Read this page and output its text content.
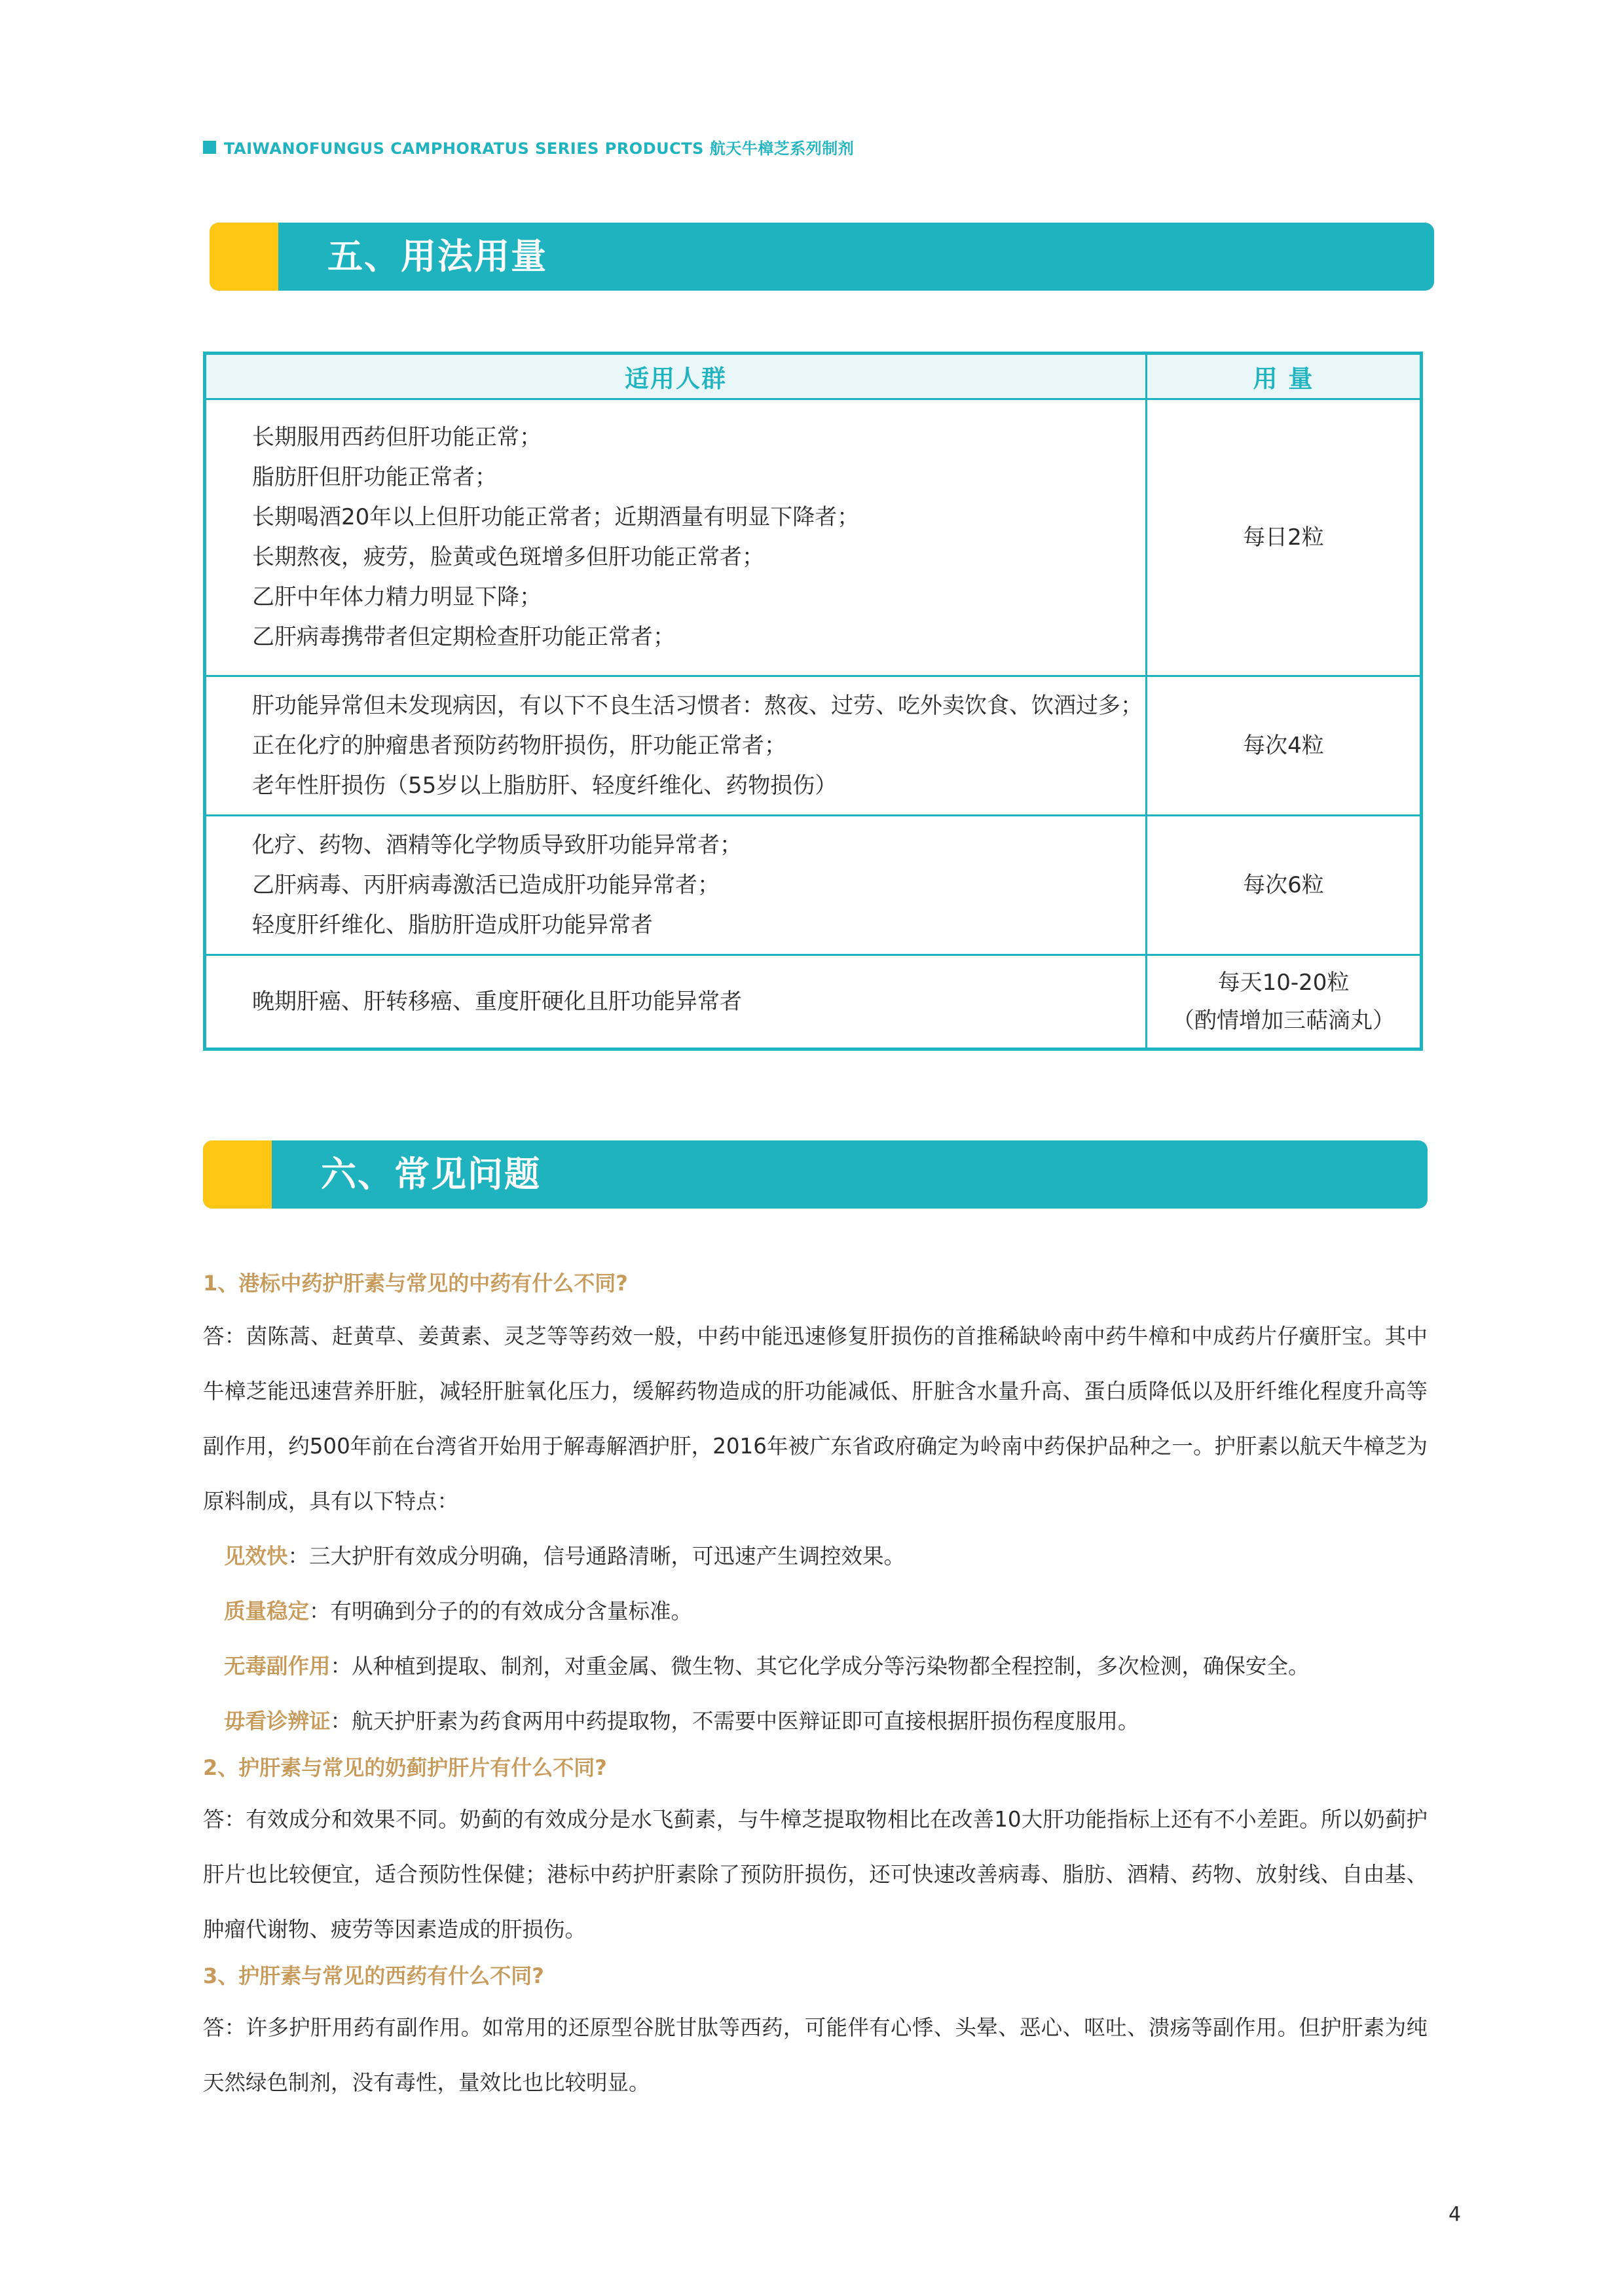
TAIWANOFUNGUS CAMPHORATUS SERIES PRODUCTS 航天牛樟芝系列制剂
五、用法用量
适用人群	用 量
长期服用西药但肝功能正常；
脂肪肝但肝功能正常者；
长期喝酒20年以上但肝功能正常者；近期酒量有明显下降者；
长期熬夜，疲劳，脸黄或色斑增多但肝功能正常者；
乙肝中年体力精力明显下降；
乙肝病毒携带者但定期检查肝功能正常者；
每日2粒
肝功能异常但未发现病因，有以下不良生活习惯者：熬夜、过劳、吃外卖饮食、饮酒过多；
正在化疗的肿瘤患者预防药物肝损伤，肝功能正常者；
老年性肝损伤（55岁以上脂肪肝、轻度纤维化、药物损伤）
每次4粒
化疗、药物、酒精等化学物质导致肝功能异常者；
乙肝病毒、丙肝病毒激活已造成肝功能异常者；
轻度肝纤维化、脂肪肝造成肝功能异常者
每次6粒
晚期肝癌、肝转移癌、重度肝硬化且肝功能异常者
每天10-20粒
（酌情增加三萜滴丸）
六、常见问题

1、港标中药护肝素与常见的中药有什么不同?

答：茵陈蒿、赶黄草、姜黄素、灵芝等等药效一般，中药中能迅速修复肝损伤的首推稀缺岭南中药牛樟和中成药片仔癀肝宝。其中牛樟芝能迅速营养肝脏，减轻肝脏氧化压力，缓解药物造成的肝功能减低、肝脏含水量升高、蛋白质降低以及肝纤维化程度升高等副作用，约500年前在台湾省开始用于解毒解酒护肝，2016年被广东省政府确定为岭南中药保护品种之一。护肝素以航天牛樟芝为原料制成，具有以下特点：

见效快：三大护肝有效成分明确，信号通路清晰，可迅速产生调控效果。

质量稳定：有明确到分子的的有效成分含量标准。

无毒副作用：从种植到提取、制剂，对重金属、微生物、其它化学成分等污染物都全程控制，多次检测，确保安全。

毋看诊辨证：航天护肝素为药食两用中药提取物，不需要中医辩证即可直接根据肝损伤程度服用。

2、护肝素与常见的奶蓟护肝片有什么不同?

答：有效成分和效果不同。奶蓟的有效成分是水飞蓟素，与牛樟芝提取物相比在改善10大肝功能指标上还有不小差距。所以奶蓟护肝片也比较便宜，适合预防性保健；港标中药护肝素除了预防肝损伤，还可快速改善病毒、脂肪、酒精、药物、放射线、自由基、肿瘤代谢物、疲劳等因素造成的肝损伤。

3、护肝素与常见的西药有什么不同?

答：许多护肝用药有副作用。如常用的还原型谷胱甘肽等西药，可能伴有心悸、头晕、恶心、呕吐、溃疡等副作用。但护肝素为纯天然绿色制剂，没有毒性，量效比也比较明显。

4
